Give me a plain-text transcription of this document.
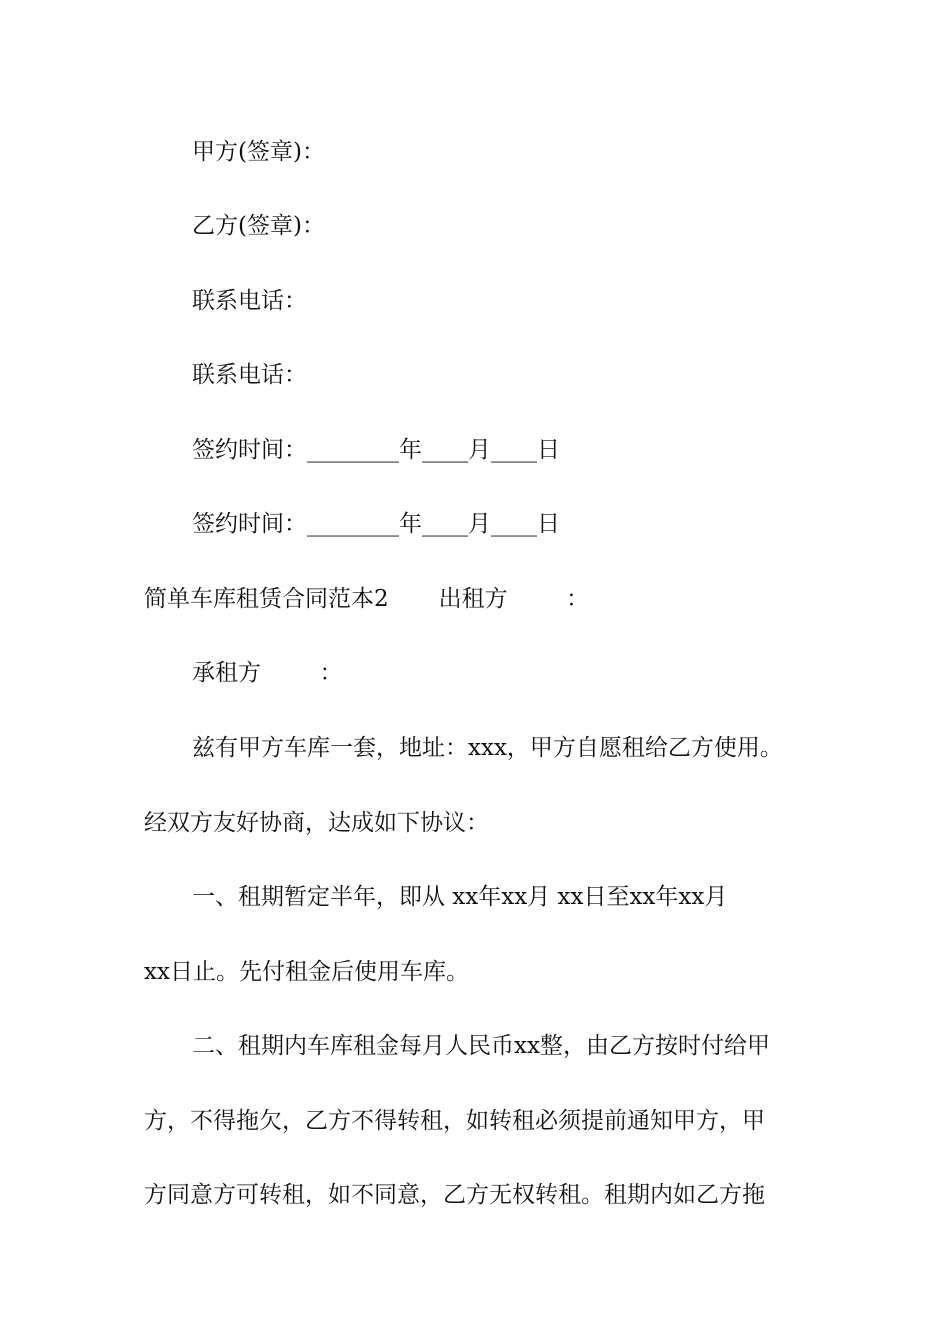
甲方(签章)：
乙方(签章)：
联系电话：
联系电话：
签约时间：________年____月____日
签约时间：________年____月____日
简单车库租赁合同范本2 出租方        ：
承租方        ：
兹有甲方车库一套，地址：xxx，甲方自愿租给乙方使用。
经双方友好协商，达成如下协议：
一、租期暂定半年，即从 xx年xx月 xx日至xx年xx月
xx日止。先付租金后使用车库。
二、租期内车库租金每月人民币xx整，由乙方按时付给甲
方，不得拖欠，乙方不得转租，如转租必须提前通知甲方，甲
方同意方可转租，如不同意，乙方无权转租。租期内如乙方拖
